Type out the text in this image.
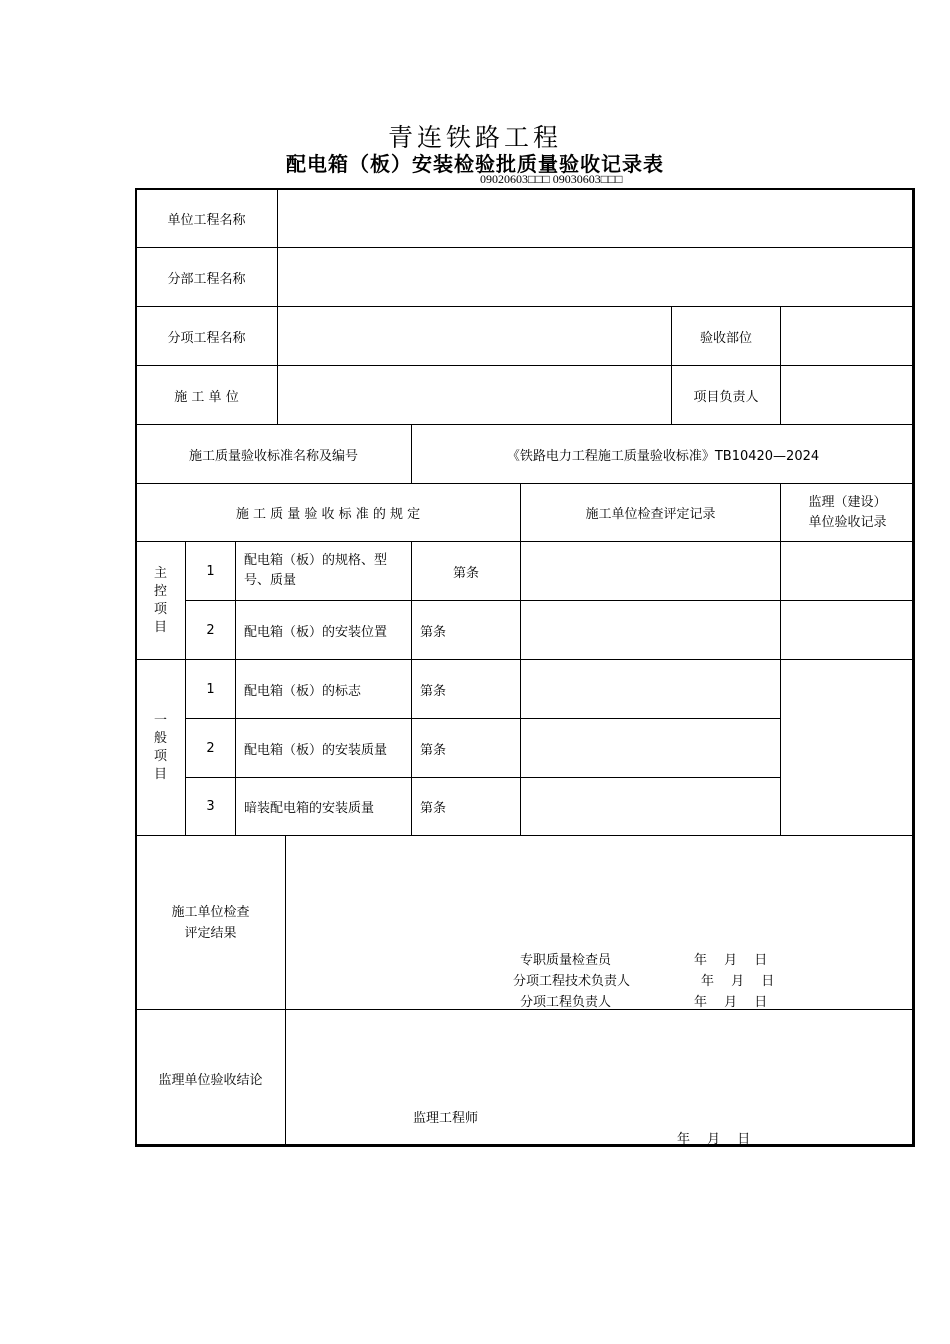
青连铁路工程
配电箱（板）安装检验批质量验收记录表
09020603□□□ 09030603□□□
单位工程名称				
分部工程名称				
分项工程名称			验收部位	
施 工 单 位			项目负责人	
施工质量验收标准名称及编号		《铁路电力工程施工质量验收标准》TB10420—2024		
施 工 质 量 验 收 标 准 的 规 定				施工单位检查评定记录	监理（建设）
单位验收记录

主
控
项
目	1	配电箱（板）的规格、型号、质量	第条		
	2	配电箱（板）的安装位置	第条		

一
般
项
目	1	配电箱（板）的标志	第条		
	2	配电箱（板）的安装质量	第条		
	3	暗装配电箱的安装质量	第条		
施工单位检查
评定结果	

监理单位验收结论	
专职质量检查员	年　 月　 日
分项工程技术负责人	年　 月　 日
分项工程负责人	年　 月　 日
监理工程师
年　 月　 日
